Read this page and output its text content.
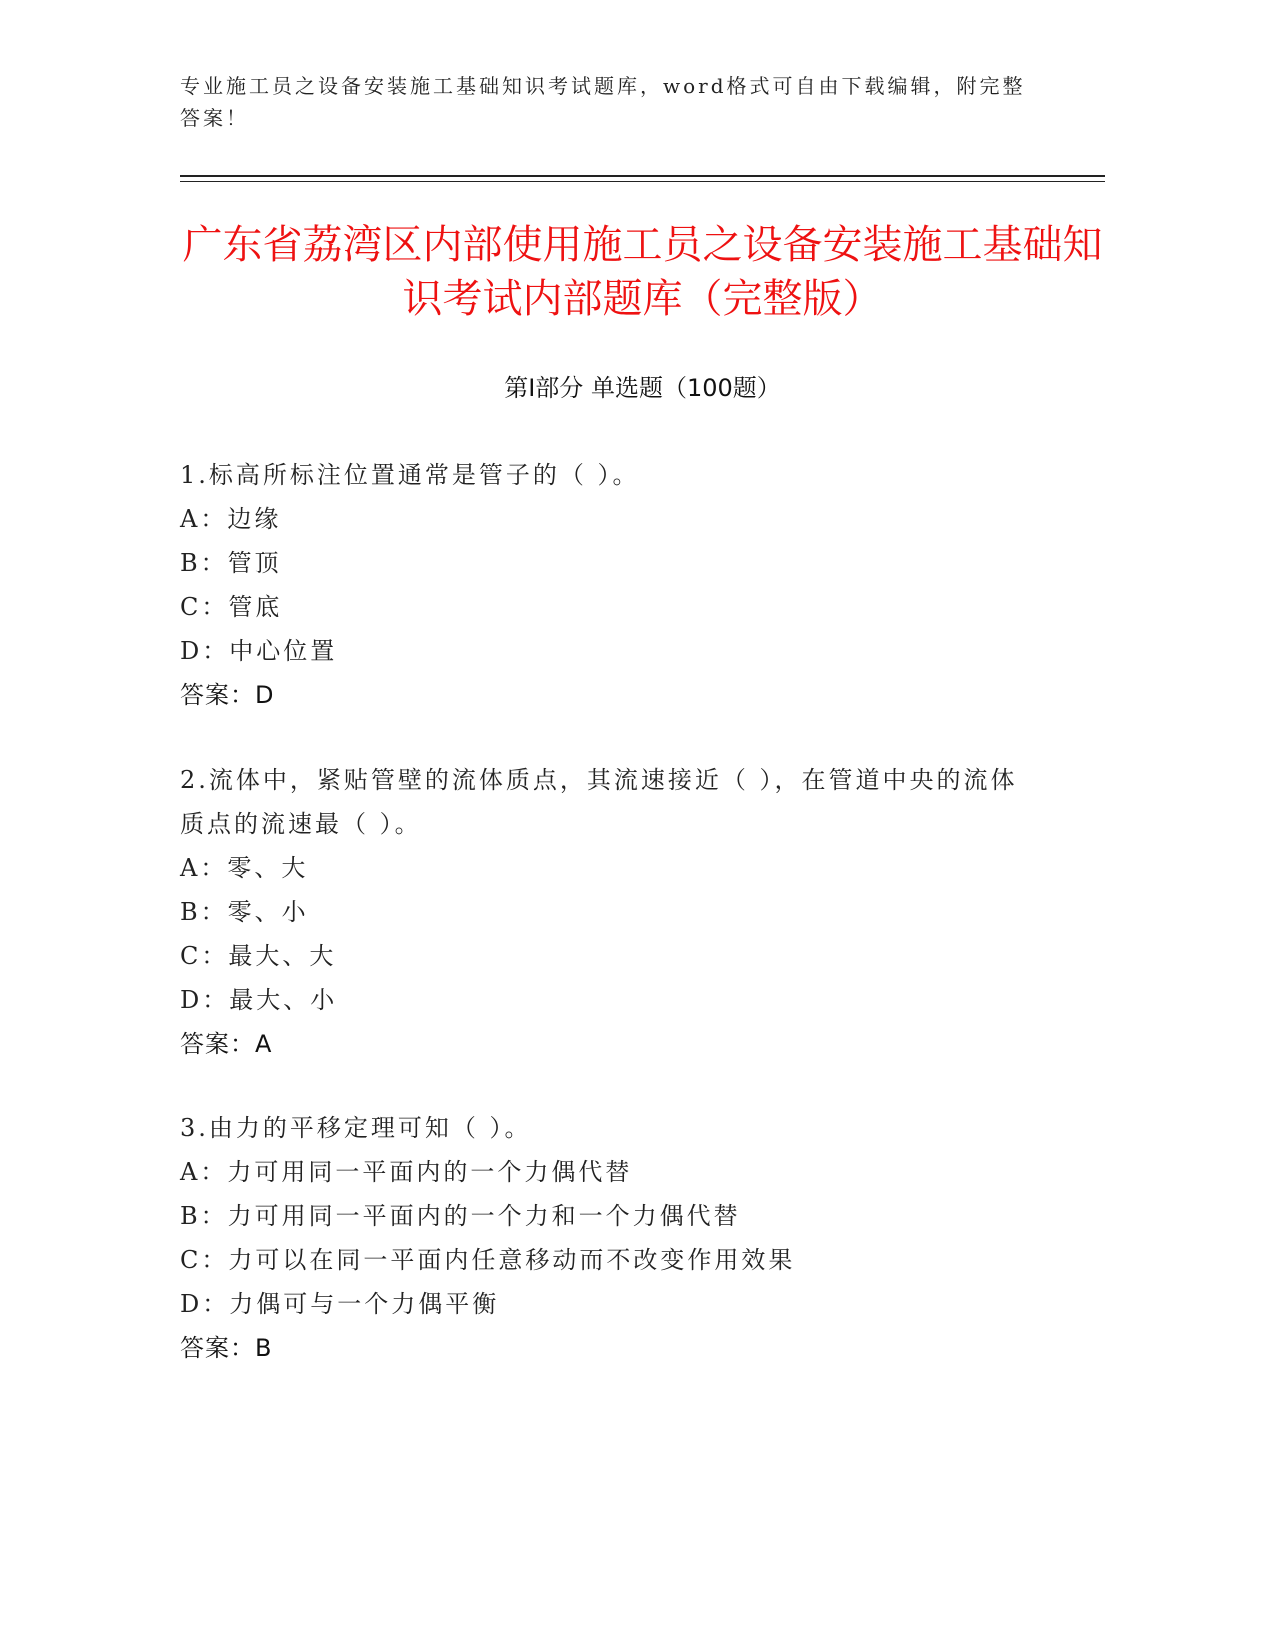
专业施工员之设备安装施工基础知识考试题库，word格式可自由下载编辑，附完整答案！
广东省荔湾区内部使用施工员之设备安装施工基础知识考试内部题库（完整版）
第Ⅰ部分 单选题（100题）
1.标高所标注位置通常是管子的（ ）。
A：边缘
B：管顶
C：管底
D：中心位置
答案：D
2.流体中，紧贴管壁的流体质点，其流速接近（ ），在管道中央的流体质点的流速最（ ）。
A：零、大
B：零、小
C：最大、大
D：最大、小
答案：A
3.由力的平移定理可知（ ）。
A：力可用同一平面内的一个力偶代替
B：力可用同一平面内的一个力和一个力偶代替
C：力可以在同一平面内任意移动而不改变作用效果
D：力偶可与一个力偶平衡
答案：B
